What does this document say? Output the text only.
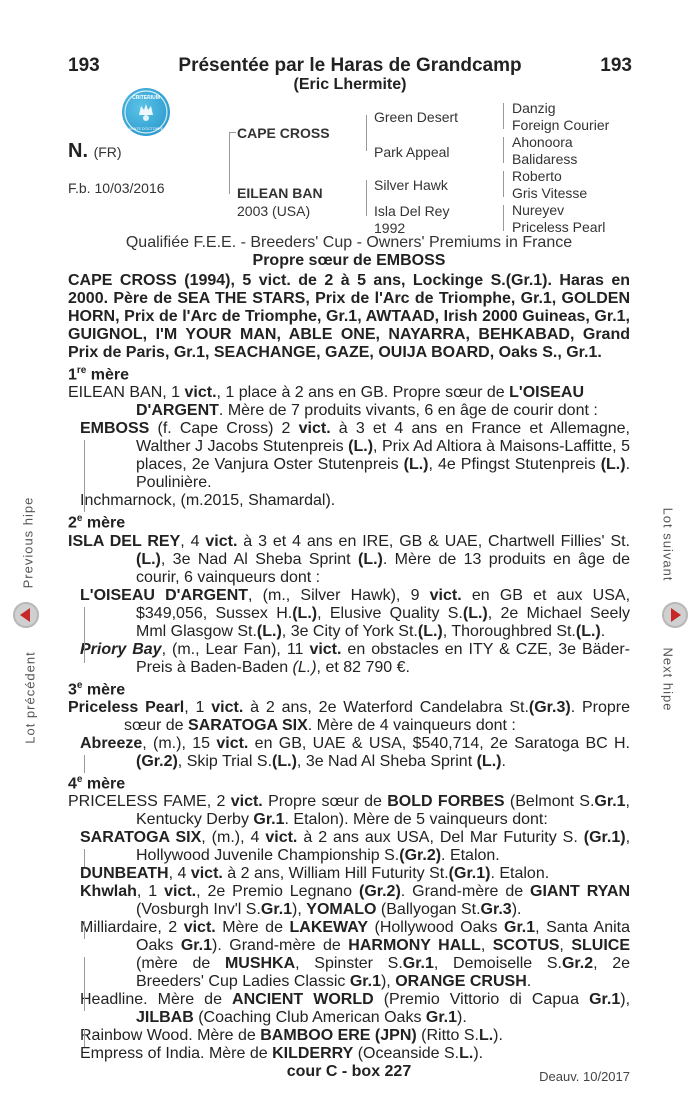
193	193
Présentée par le Haras de Grandcamp
(Eric Lhermite)
CRITERIUM
VENTE D'OCTOBRE
N. (FR)
F.b. 10/03/2016
CAPE CROSS
EILEAN BAN
2003 (USA)
Green Desert
Park Appeal
Silver Hawk
Isla Del Rey
1992
Danzig
Foreign Courier
Ahonoora
Balidaress
Roberto
Gris Vitesse
Nureyev
Priceless Pearl
Qualifiée F.E.E. - Breeders' Cup - Owners' Premiums in France
Propre sœur de EMBOSS
CAPE CROSS (1994), 5 vict. de 2 à 5 ans, Lockinge S.(Gr.1). Haras en 2000. Père de SEA THE STARS, Prix de l'Arc de Triomphe, Gr.1, GOLDEN HORN, Prix de l'Arc de Triomphe, Gr.1, AWTAAD, Irish 2000 Guineas, Gr.1, GUIGNOL, I'M YOUR MAN, ABLE ONE, NAYARRA, BEHKABAD, Grand Prix de Paris, Gr.1, SEACHANGE, GAZE, OUIJA BOARD, Oaks S., Gr.1.
1re mère

EILEAN BAN, 1 vict., 1 place à 2 ans en GB. Propre sœur de L'OISEAU D'ARGENT. Mère de 7 produits vivants, 6 en âge de courir dont :

EMBOSS (f. Cape Cross) 2 vict. à 3 et 4 ans en France et Allemagne, Walther J Jacobs Stutenpreis (L.), Prix Ad Altiora à Maisons-Laffitte, 5 places, 2e Vanjura Oster Stutenpreis (L.), 4e Pfingst Stutenpreis (L.). Poulinière.

Inchmarnock, (m.2015, Shamardal).

2e mère

ISLA DEL REY, 4 vict. à 3 et 4 ans en IRE, GB & UAE, Chartwell Fillies' St.(L.), 3e Nad Al Sheba Sprint (L.). Mère de 13 produits en âge de courir, 6 vainqueurs dont :

L'OISEAU D'ARGENT, (m., Silver Hawk), 9 vict. en GB et aux USA, $349,056, Sussex H.(L.), Elusive Quality S.(L.), 2e Michael Seely Mml Glasgow St.(L.), 3e City of York St.(L.), Thoroughbred St.(L.).

Priory Bay, (m., Lear Fan), 11 vict. en obstacles en ITY & CZE, 3e Bäder-Preis à Baden-Baden (L.), et 82 790 €.

3e mère

Priceless Pearl, 1 vict. à 2 ans, 2e Waterford Candelabra St.(Gr.3). Propre sœur de SARATOGA SIX. Mère de 4 vainqueurs dont :

Abreeze, (m.), 15 vict. en GB, UAE & USA, $540,714, 2e Saratoga BC H.(Gr.2), Skip Trial S.(L.), 3e Nad Al Sheba Sprint (L.).

4e mère

PRICELESS FAME, 2 vict. Propre sœur de BOLD FORBES (Belmont S.Gr.1, Kentucky Derby Gr.1. Etalon). Mère de 5 vainqueurs dont:

SARATOGA SIX, (m.), 4 vict. à 2 ans aux USA, Del Mar Futurity S. (Gr.1), Hollywood Juvenile Championship S.(Gr.2). Etalon.

DUNBEATH, 4 vict. à 2 ans, William Hill Futurity St.(Gr.1). Etalon.

Khwlah, 1 vict., 2e Premio Legnano (Gr.2). Grand-mère de GIANT RYAN (Vosburgh Inv'l S.Gr.1), YOMALO (Ballyogan St.Gr.3).

Milliardaire, 2 vict. Mère de LAKEWAY (Hollywood Oaks Gr.1, Santa Anita Oaks Gr.1). Grand-mère de HARMONY HALL, SCOTUS, SLUICE (mère de MUSHKA, Spinster S.Gr.1, Demoiselle S.Gr.2, 2e Breeders' Cup Ladies Classic Gr.1), ORANGE CRUSH.

Headline. Mère de ANCIENT WORLD (Premio Vittorio di Capua Gr.1), JILBAB (Coaching Club American Oaks Gr.1).

Rainbow Wood. Mère de BAMBOO ERE (JPN) (Ritto S.L.).

Empress of India. Mère de KILDERRY (Oceanside S.L.).

cour C - box 227	Deauv. 10/2017
Previous hipe
Lot précédent
Lot suivant
Next hipe
